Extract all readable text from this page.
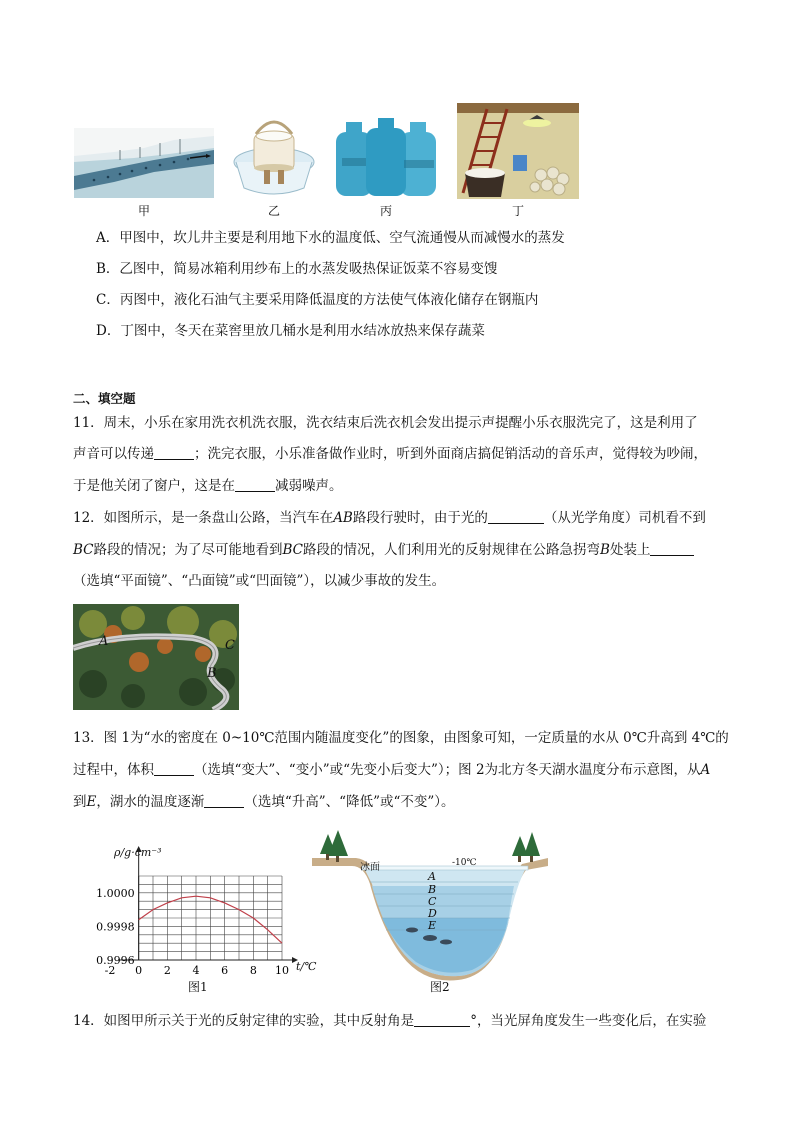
甲	乙	丙	丁
A．甲图中，坎儿井主要是利用地下水的温度低、空气流通慢从而减慢水的蒸发
B．乙图中，简易冰箱利用纱布上的水蒸发吸热保证饭菜不容易变馊
C．丙图中，液化石油气主要采用降低温度的方法使气体液化储存在钢瓶内
D．丁图中，冬天在菜窖里放几桶水是利用水结冰放热来保存蔬菜
二、填空题
11．周末，小乐在家用洗衣机洗衣服，洗衣结束后洗衣机会发出提示声提醒小乐衣服洗完了，这是利用了
声音可以传递	；洗完衣服，小乐准备做作业时，听到外面商店搞促销活动的音乐声，觉得较为吵闹，
于是他关闭了窗户，这是在	减弱噪声。
12．如图所示，是一条盘山公路，当汽车在AB路段行驶时，由于光的	（从光学角度）司机看不到
BC路段的情况；为了尽可能地看到BC路段的情况，人们利用光的反射规律在公路急拐弯B处装上
（选填“平面镜”、“凸面镜”或“凹面镜”），以减少事故的发生。
A	C
B
13．图 1为“水的密度在 0~10℃范围内随温度变化”的图象，由图象可知，一定质量的水从 0℃升高到 4℃的
过程中，体积	（选填“变大”、“变小”或“先变小后变大”）；图 2为北方冬天湖水温度分布示意图，从A
到E，湖水的温度逐渐	（选填“升高”、“降低”或“不变”）。
-2 0 2 4 6 8 10
1.0000
0.9998
0.9996
ρ/g·cm⁻³
t/℃
图1
冰面	-10℃
A
B
C
D
E
图2
14．如图甲所示关于光的反射定律的实验，其中反射角是	°，当光屏角度发生一些变化后，在实验
